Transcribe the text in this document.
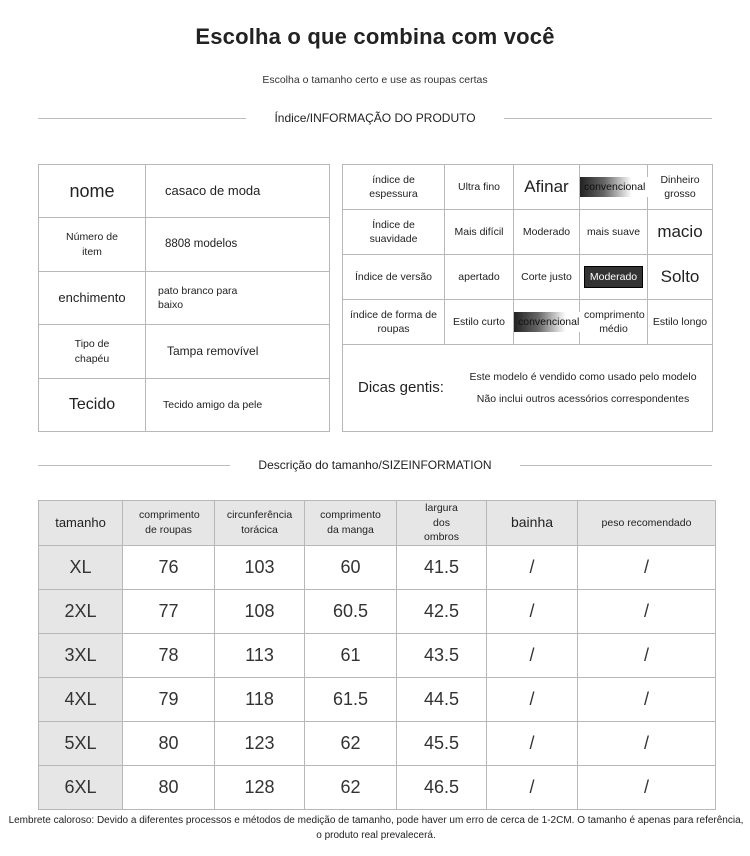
Escolha o que combina com você
Escolha o tamanho certo e use as roupas certas
Índice/INFORMAÇÃO DO PRODUTO
nome	casaco de moda
Número de item	8808 modelos
enchimento	pato branco para baixo
Tipo de chapéu	Tampa removível
Tecido	Tecido amigo da pele
índice de espessura	Ultra fino	Afinar	convencional	Dinheiro grosso
Índice de suavidade	Mais difícil	Moderado	mais suave	macio
Índice de versão	apertado	Corte justo	Moderado	Solto
índice de forma de roupas	Estilo curto	convencional	comprimento médio	Estilo longo

Dicas gentis:
Este modelo é vendido como usado pelo modelo
Não inclui outros acessórios correspondentes				
Descrição do tamanho/SIZEINFORMATION
tamanho	comprimento de roupas	circunferência torácica	comprimento da manga	largura dos ombros	bainha	peso recomendado
XL	76	103	60	41.5	/	/
2XL	77	108	60.5	42.5	/	/
3XL	78	113	61	43.5	/	/
4XL	79	118	61.5	44.5	/	/
5XL	80	123	62	45.5	/	/
6XL	80	128	62	46.5	/	/
Lembrete caloroso: Devido a diferentes processos e métodos de medição de tamanho, pode haver um erro de cerca de 1-2CM. O tamanho é apenas para referência, o produto real prevalecerá.
